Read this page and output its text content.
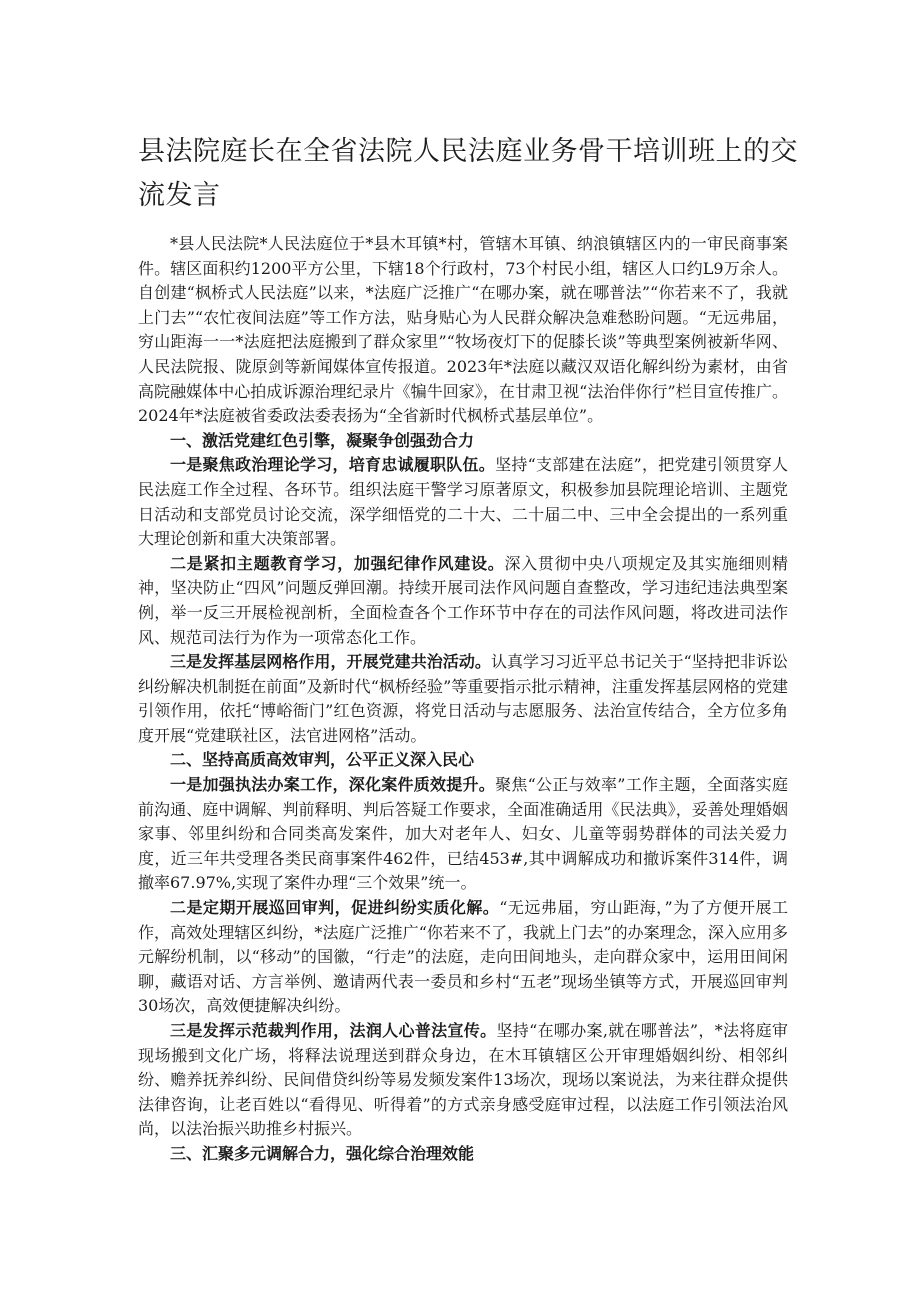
县法院庭长在全省法院人民法庭业务骨干培训班上的交流发言

*县人民法院*人民法庭位于*县木耳镇*村，管辖木耳镇、纳浪镇辖区内的一审民商事案件。辖区面积约1200平方公里，下辖18个行政村，73个村民小组，辖区人口约L9万余人。自创建“枫桥式人民法庭”以来，*法庭广泛推广“在哪办案，就在哪普法”“你若来不了，我就上门去”“农忙夜间法庭”等工作方法，贴身贴心为人民群众解决急难愁盼问题。“无远弗届，穷山距海一一*法庭把法庭搬到了群众家里”“牧场夜灯下的促膝长谈”等典型案例被新华网、人民法院报、陇原剑等新闻媒体宣传报道。2023年*法庭以藏汉双语化解纠纷为素材，由省高院融媒体中心拍成诉源治理纪录片《犏牛回家》，在甘肃卫视“法治伴你行”栏目宣传推广。2024年*法庭被省委政法委表扬为“全省新时代枫桥式基层单位”。

一、激活党建红色引擎，凝聚争创强劲合力

一是聚焦政治理论学习，培育忠诚履职队伍。坚持“支部建在法庭”，把党建引领贯穿人民法庭工作全过程、各环节。组织法庭干警学习原著原文，积极参加县院理论培训、主题党日活动和支部党员讨论交流，深学细悟党的二十大、二十届二中、三中全会提出的一系列重大理论创新和重大决策部署。

二是紧扣主题教育学习，加强纪律作风建设。深入贯彻中央八项规定及其实施细则精神，坚决防止“四风”问题反弹回潮。持续开展司法作风问题自查整改，学习违纪违法典型案例，举一反三开展检视剖析，全面检查各个工作环节中存在的司法作风问题，将改进司法作风、规范司法行为作为一项常态化工作。

三是发挥基层网格作用，开展党建共治活动。认真学习习近平总书记关于“坚持把非诉讼纠纷解决机制挺在前面”及新时代“枫桥经验”等重要指示批示精神，注重发挥基层网格的党建引领作用，依托“博峪衙门”红色资源，将党日活动与志愿服务、法治宣传结合，全方位多角度开展“党建联社区，法官进网格”活动。

二、坚持高质高效审判，公平正义深入民心

一是加强执法办案工作，深化案件质效提升。聚焦“公正与效率”工作主题，全面落实庭前沟通、庭中调解、判前释明、判后答疑工作要求，全面准确适用《民法典》，妥善处理婚姻家事、邻里纠纷和合同类高发案件，加大对老年人、妇女、儿童等弱势群体的司法关爱力度，近三年共受理各类民商事案件462件，已结453#,其中调解成功和撤诉案件314件，调撤率67.97%,实现了案件办理“三个效果”统一。

二是定期开展巡回审判，促进纠纷实质化解。“无远弗届，穷山距海，”为了方便开展工作，高效处理辖区纠纷，*法庭广泛推广“你若来不了，我就上门去”的办案理念，深入应用多元解纷机制，以“移动”的国徽，“行走”的法庭，走向田间地头，走向群众家中，运用田间闲聊，藏语对话、方言举例、邀请两代表一委员和乡村“五老”现场坐镇等方式，开展巡回审判30场次，高效便捷解决纠纷。

三是发挥示范裁判作用，法润人心普法宣传。坚持“在哪办案,就在哪普法”，*法将庭审现场搬到文化广场，将释法说理送到群众身边，在木耳镇辖区公开审理婚姻纠纷、相邻纠纷、赡养抚养纠纷、民间借贷纠纷等易发频发案件13场次，现场以案说法，为来往群众提供法律咨询，让老百姓以“看得见、听得着”的方式亲身感受庭审过程，以法庭工作引领法治风尚，以法治振兴助推乡村振兴。

三、汇聚多元调解合力，强化综合治理效能
